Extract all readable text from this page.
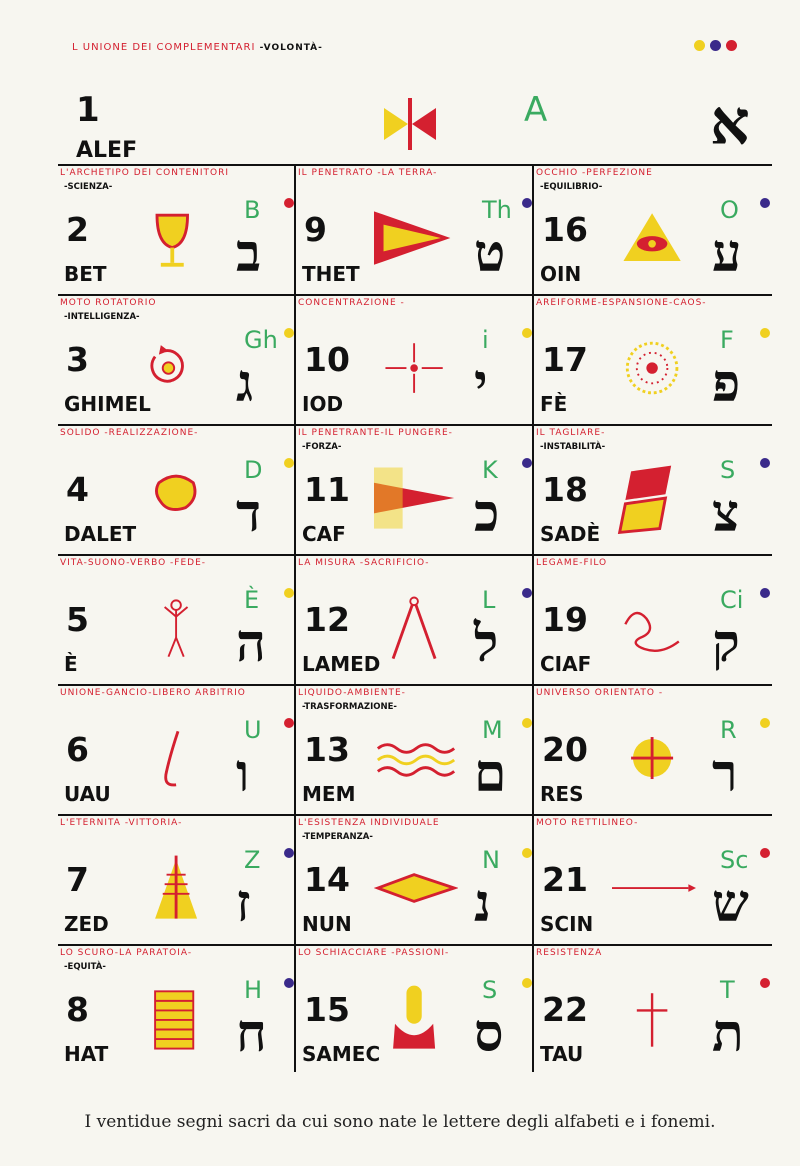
L UNIONE DEI COMPLEMENTARI -VOLONTÀ-
1
ALEF
A	א
L'ARCHETIPO DEI CONTENITORI
-SCIENZA-
2
BET
B
ב
IL PENETRATO -LA TERRA-
9
THET
Th
ט
OCCHIO -PERFEZIONE
-EQUILIBRIO-
16
OIN
O
ע
MOTO ROTATORIO
-INTELLIGENZA-
3
GHIMEL
Gh
ג
CONCENTRAZIONE -
10
IOD
i
י
AREIFORME-ESPANSIONE-CAOS-
17
FÈ
F
פ
SOLIDO -REALIZZAZIONE-
4
DALET
D
ד
IL PENETRANTE-IL PUNGERE-
-FORZA-
11
CAF
K
כ
IL TAGLIARE-
-INSTABILITÀ-
18
SADÈ
S
צ
VITA-SUONO-VERBO -FEDE-
5
È
È
ה
LA MISURA -SACRIFICIO-
12
LAMED
L
ל
LEGAME-FILO
19
CIAF
Ci
ק
UNIONE-GANCIO-LIBERO ARBITRIO
6
UAU
U
ו
LIQUIDO-AMBIENTE-
-TRASFORMAZIONE-
13
MEM
M
ם
UNIVERSO ORIENTATO -
20
RES
R
ר
L'ETERNITÀ -VITTORIA-
7
ZED
Z
ז
L'ESISTENZA INDIVIDUALE
-TEMPERANZA-
14
NUN
N
נ
MOTO RETTILINEO-
21
SCIN
Sc
ש
LO SCURO-LA PARATOIA-
-EQUITÀ-
8
HAT
H
ח
LO SCHIACCIARE -PASSIONI-
15
SAMEC
S
ס
RESISTENZA
22
TAU
T
ת
I ventidue segni sacri da cui sono nate le lettere degli alfabeti e i fonemi.
